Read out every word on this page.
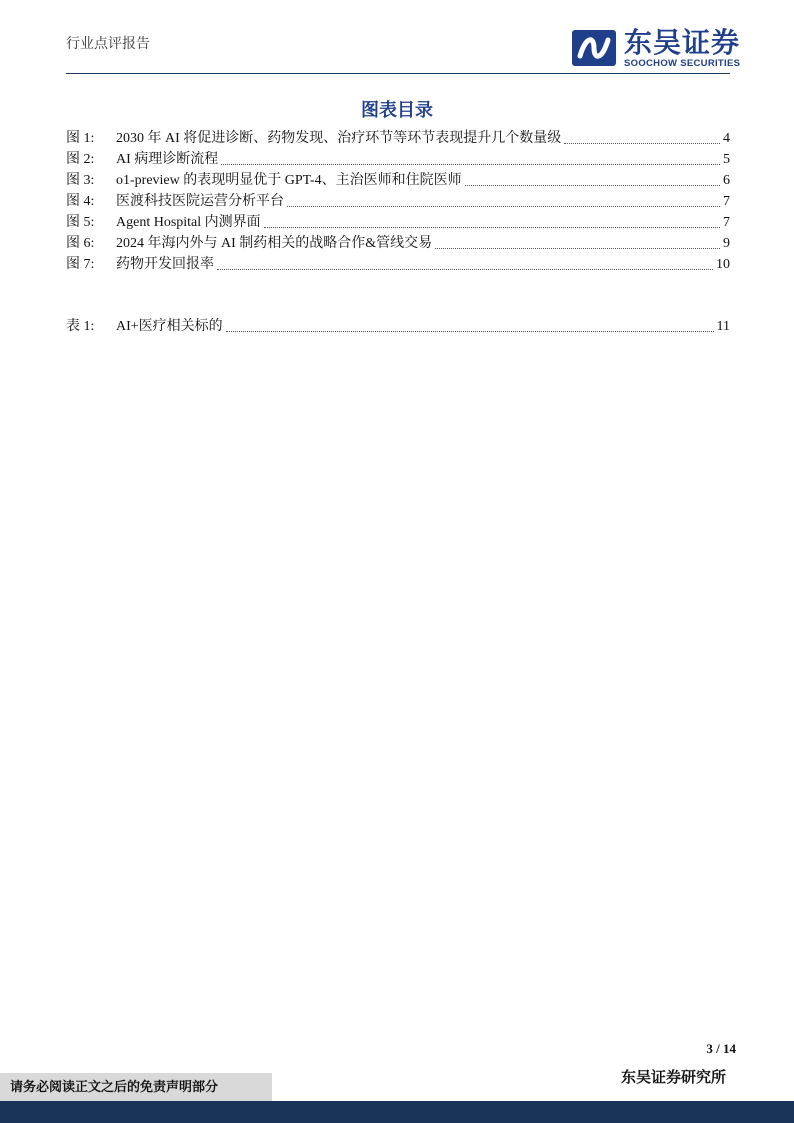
行业点评报告	东吴证券
SOOCHOW SECURITIES
图表目录
图 1:	2030 年 AI 将促进诊断、药物发现、治疗环节等环节表现提升几个数量级	4
图 2:	AI 病理诊断流程	5
图 3:	o1-preview 的表现明显优于 GPT-4、主治医师和住院医师	6
图 4:	医渡科技医院运营分析平台	7
图 5:	Agent Hospital 内测界面	7
图 6:	2024 年海内外与 AI 制药相关的战略合作&管线交易	9
图 7:	药物开发回报率	10
表 1:	AI+医疗相关标的	11
3 / 14
请务必阅读正文之后的免责声明部分
东吴证券研究所
